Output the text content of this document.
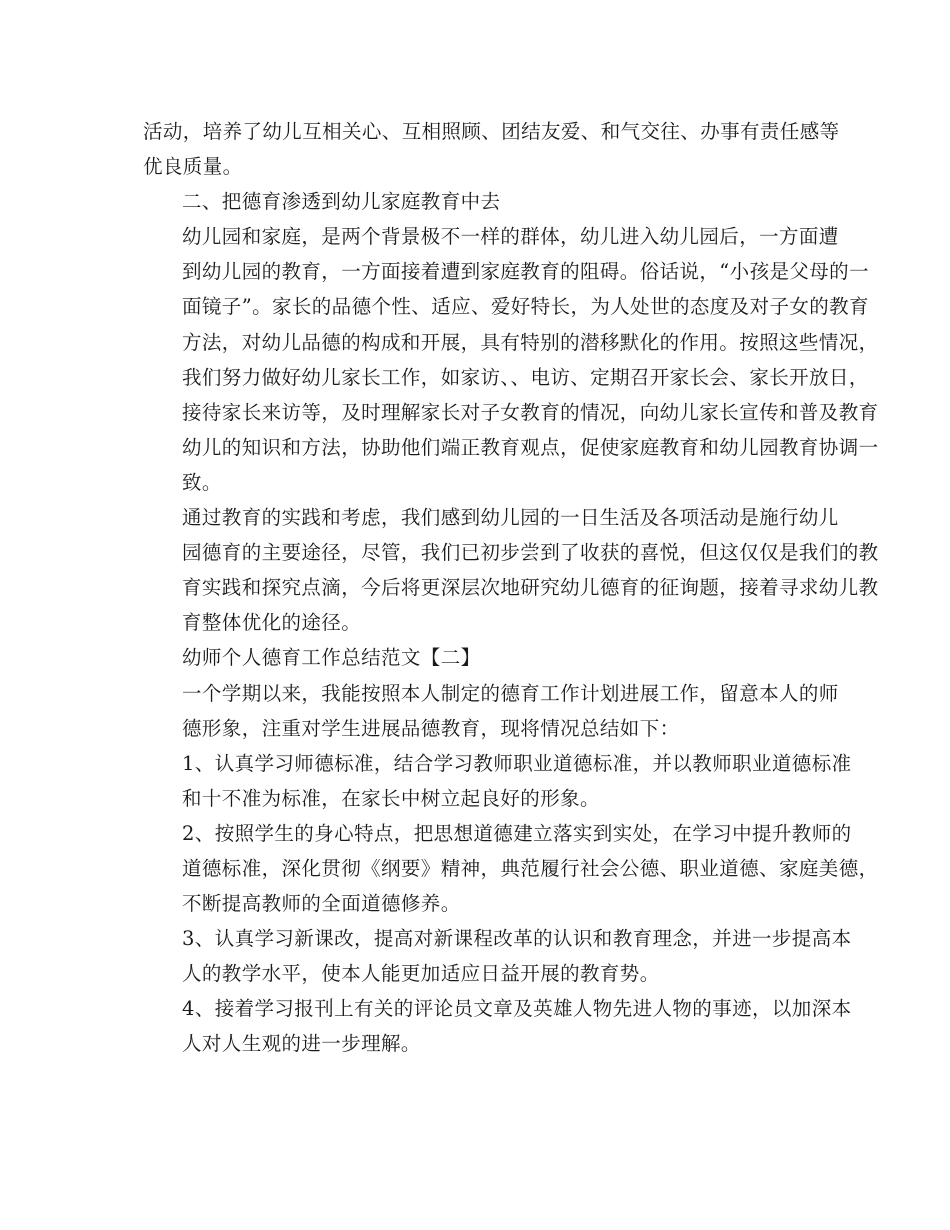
活动，培养了幼儿互相关心、互相照顾、团结友爱、和气交往、办事有责任感等
优良质量。

二、把德育渗透到幼儿家庭教育中去

幼儿园和家庭，是两个背景极不一样的群体，幼儿进入幼儿园后，一方面遭
到幼儿园的教育，一方面接着遭到家庭教育的阻碍。俗话说，“小孩是父母的一
面镜子”。家长的品德个性、适应、爱好特长，为人处世的态度及对子女的教育
方法，对幼儿品德的构成和开展，具有特别的潜移默化的作用。按照这些情况，
我们努力做好幼儿家长工作，如家访、、电访、定期召开家长会、家长开放日，
接待家长来访等，及时理解家长对子女教育的情况，向幼儿家长宣传和普及教育
幼儿的知识和方法，协助他们端正教育观点，促使家庭教育和幼儿园教育协调一
致。

通过教育的实践和考虑，我们感到幼儿园的一日生活及各项活动是施行幼儿
园德育的主要途径，尽管，我们已初步尝到了收获的喜悦，但这仅仅是我们的教
育实践和探究点滴，今后将更深层次地研究幼儿德育的征询题，接着寻求幼儿教
育整体优化的途径。

幼师个人德育工作总结范文【二】

一个学期以来，我能按照本人制定的德育工作计划进展工作，留意本人的师
德形象，注重对学生进展品德教育，现将情况总结如下：

1、认真学习师德标准，结合学习教师职业道德标准，并以教师职业道德标准
和十不准为标准，在家长中树立起良好的形象。

2、按照学生的身心特点，把思想道德建立落实到实处，在学习中提升教师的
道德标准，深化贯彻《纲要》精神，典范履行社会公德、职业道德、家庭美德，
不断提高教师的全面道德修养。

3、认真学习新课改，提高对新课程改革的认识和教育理念，并进一步提高本
人的教学水平，使本人能更加适应日益开展的教育势。

4、接着学习报刊上有关的评论员文章及英雄人物先进人物的事迹，以加深本
人对人生观的进一步理解。
